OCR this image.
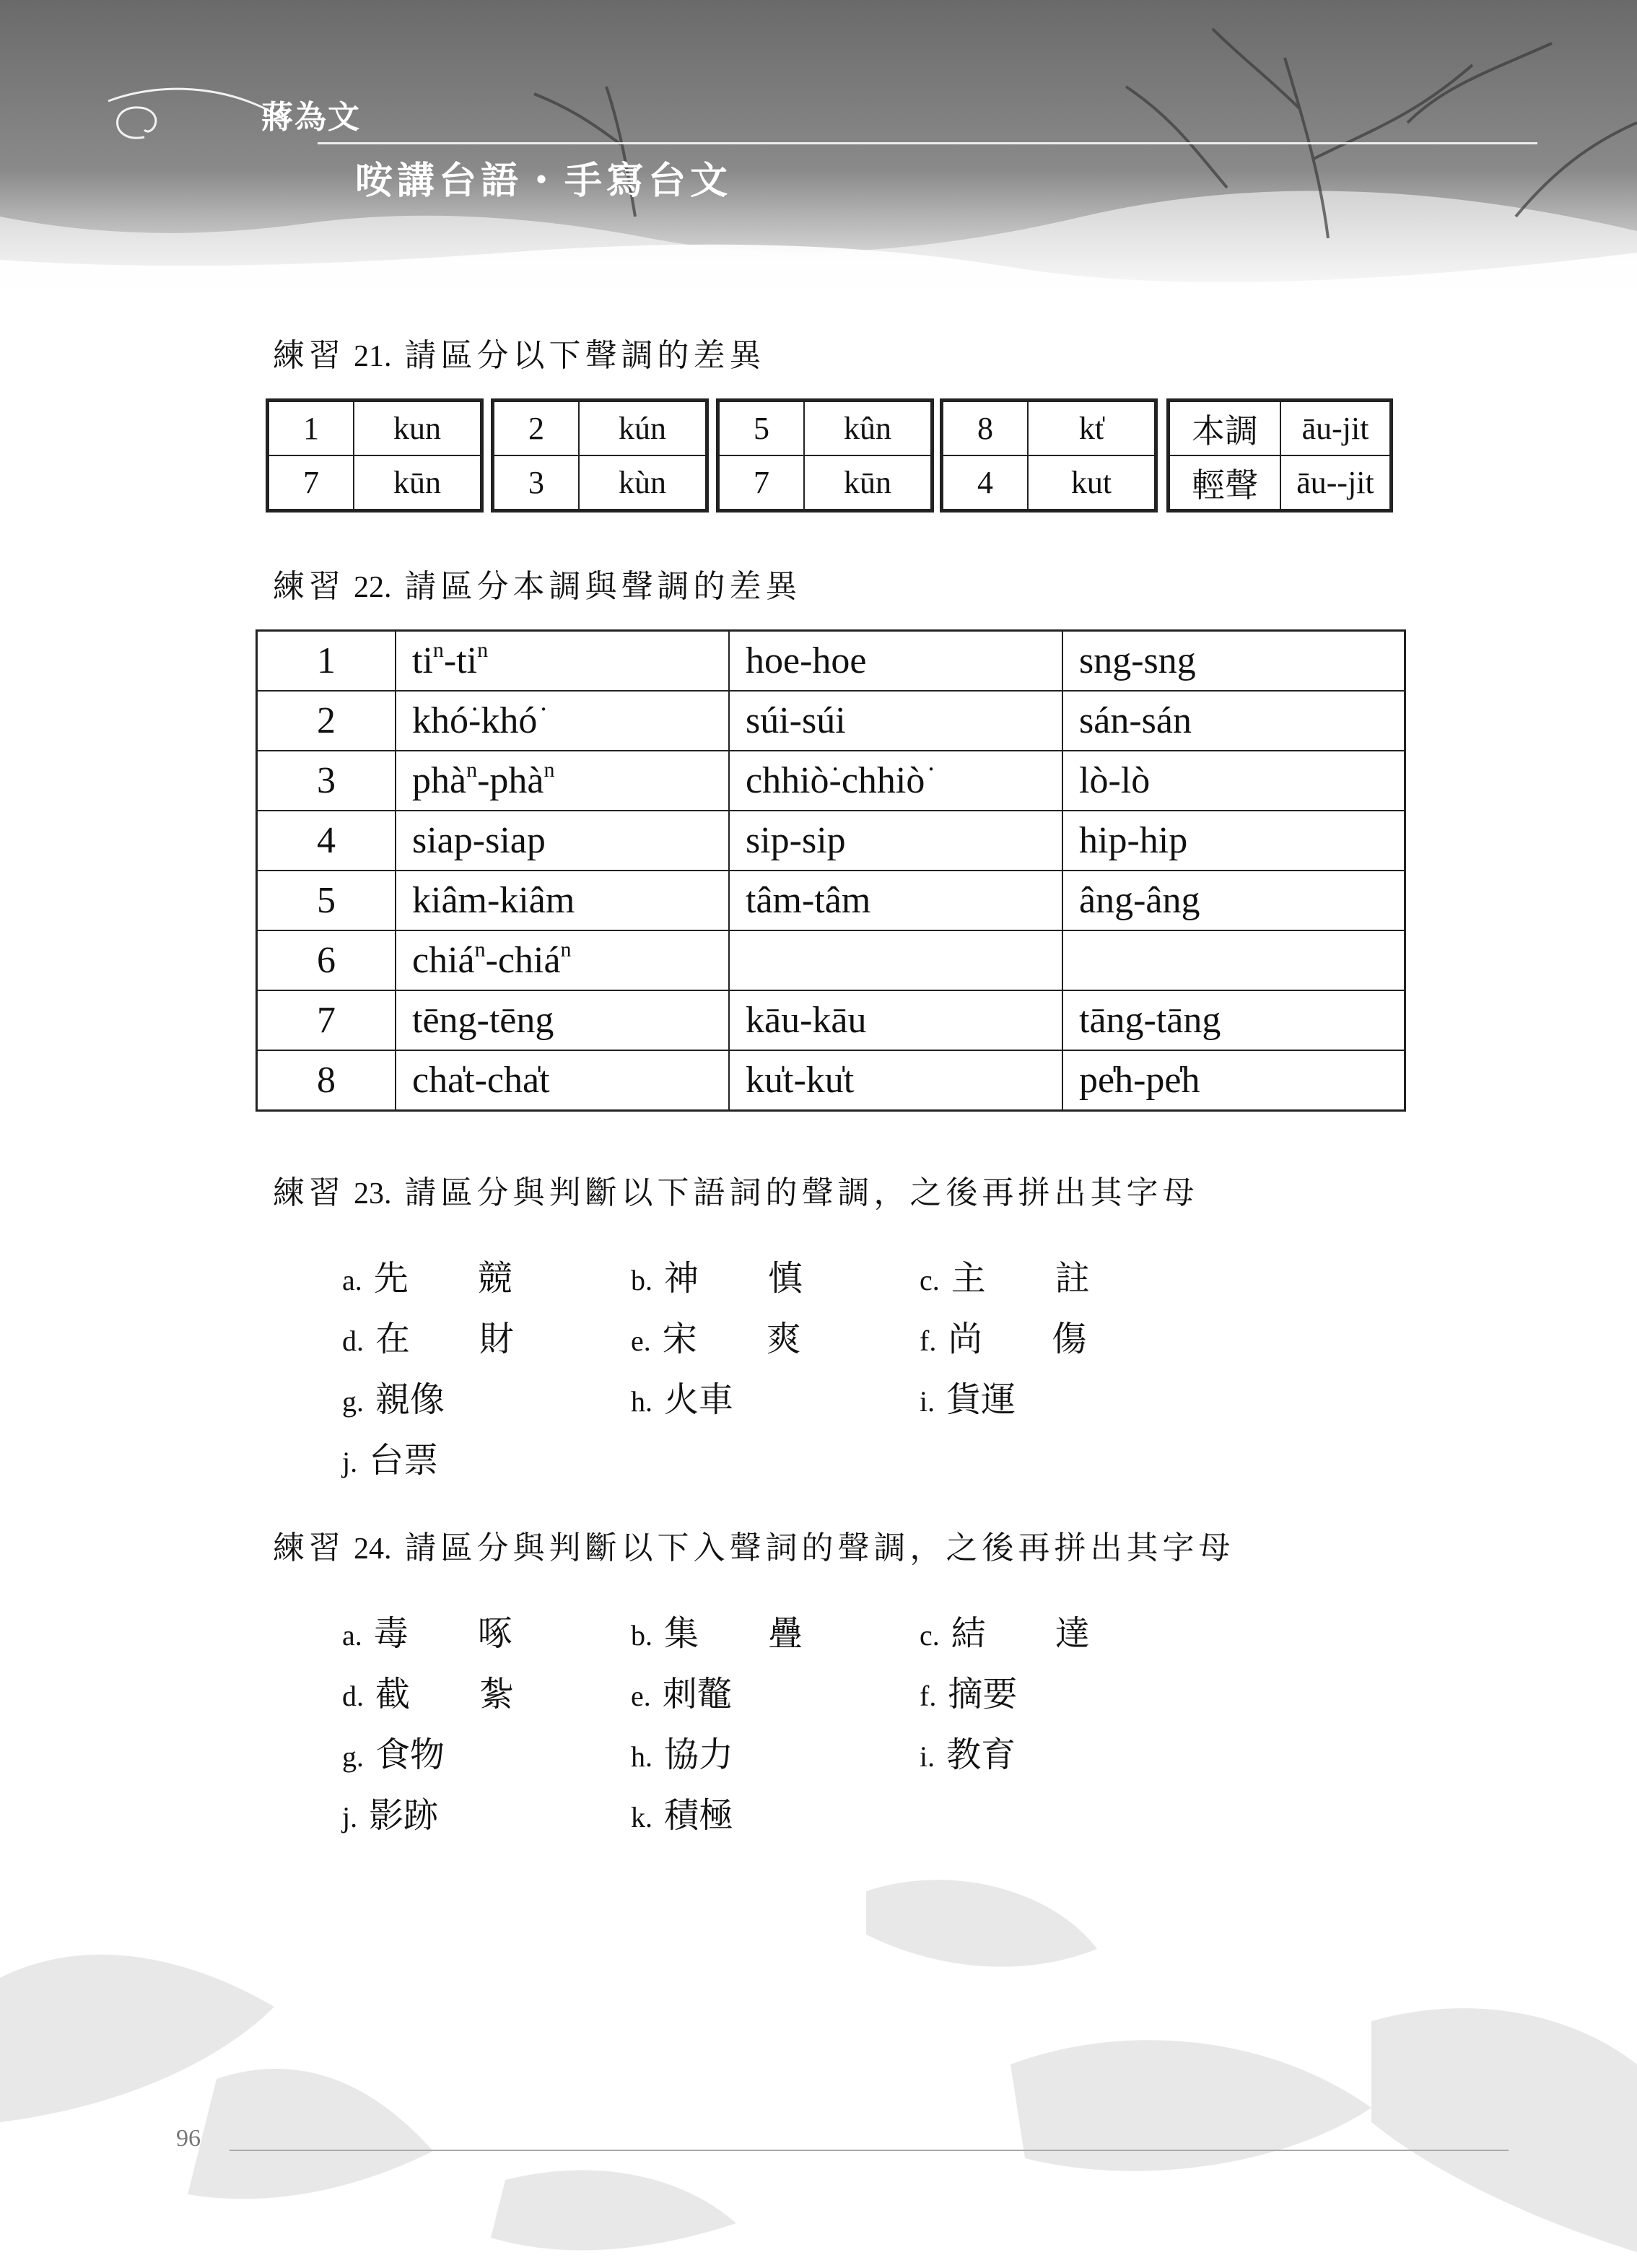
蔣為文
咹講台語・手寫台文
練習 21. 請區分以下聲調的差異
1	kun
7	kūn
2	kún
3	kùn
5	kûn
7	kūn
8	kt̍
4	kut
本調	āu-jit
輕聲	āu--jit
練習 22. 請區分本調與聲調的差異
1	$ti^n-ti^n$	hoe-hoe	sng-sng
2	khó͘-khó͘	súi-súi	sán-sán
3	phà$^n$-phà$^n$	chhiò͘-chhiò͘	lò-lò
4	siap-siap	sip-sip	hip-hip
5	kiâm-kiâm	tâm-tâm	âng-âng
6	chiá$^n$-chiá$^n$		
7	tēng-tēng	kāu-kāu	tāng-tāng
8	cha̍t-cha̍t	ku̍t-ku̍t	pe̍h-pe̍h
練習 23. 請區分與判斷以下語詞的聲調，之後再拼出其字母
a. 先 競	b. 神 慎	c. 主 註
d. 在 財	e. 宋 爽	f. 尚 傷
g. 親像	h. 火車	i. 貨運
j. 台票
練習 24. 請區分與判斷以下入聲詞的聲調，之後再拼出其字母
a. 毒 啄	b. 集 疊	c. 結 達
d. 截 紮	e. 刺鼇	f. 摘要
g. 食物	h. 協力	i. 教育
j. 影跡	k. 積極
96
